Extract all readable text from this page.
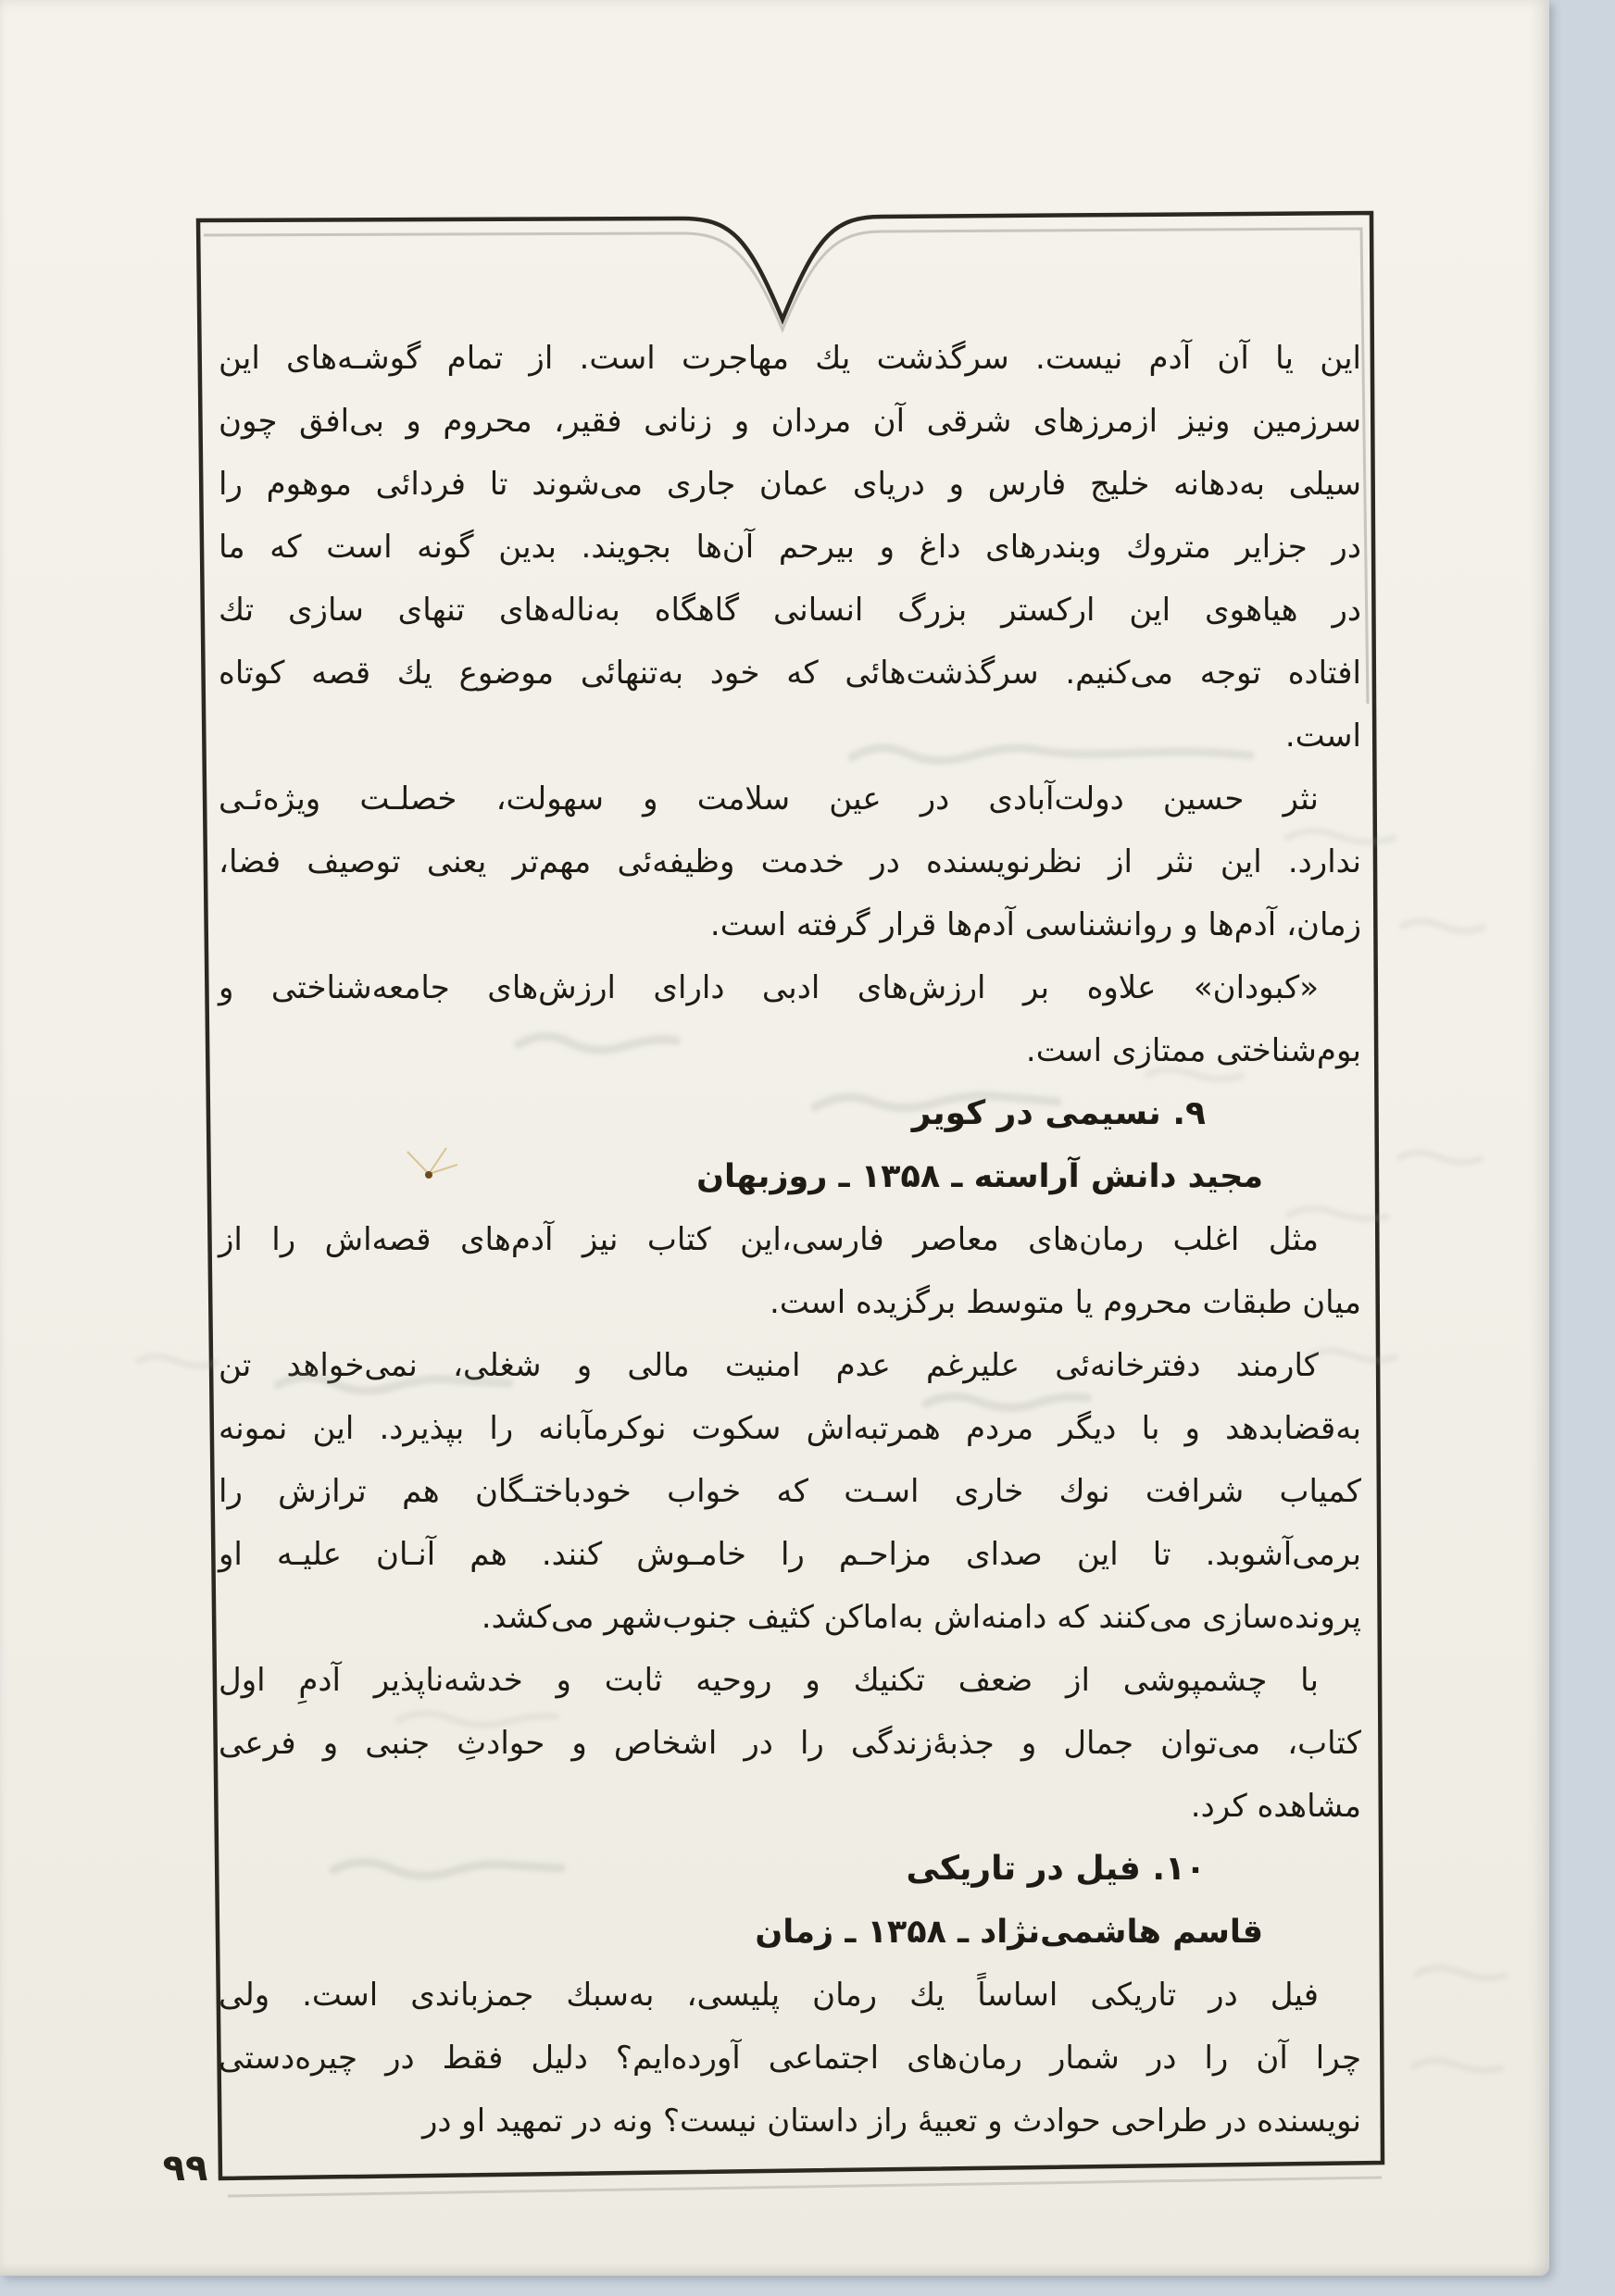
این یا آن آدم نیست. سرگذشت یك مهاجرت است. از تمام گوشـه‌های این
سرزمین ونیز ازمرزهای شرقی آن مردان و زنانی فقیر، محروم و بی‌افق چون
سیلی به‌دهانه خلیج فارس و دریای عمان جاری می‌شوند تا فردائی موهوم را
در جزایر متروك وبندرهای داغ و بیرحم آن‌ها بجویند. بدین گونه است كه ما
در هیاهوی این اركستر بزرگ انسانی گاهگاه به‌ناله‌های تنهای سازی تك
افتاده توجه می‌كنیم. سرگذشت‌هائی كه خود به‌تنهائی موضوع یك قصه كوتاه
است.
نثر حسین دولت‌آبادی در عین سلامت و سهولت، خصلـت ویژه‌ئـی
ندارد. این نثر از نظرنویسنده در خدمت وظیفه‌ئی مهم‌تر یعنی توصیف فضا،
زمان، آدم‌ها و روانشناسی آدم‌ها قرار گرفته است.
«كبودان» علاوه بر ارزش‌های ادبی دارای ارزش‌های جامعه‌شناختی و
بوم‌شناختی ممتازی است.
۹. نسیمی در كویر
مجید دانش آراسته ـ ۱۳۵۸ ـ روزبهان
مثل اغلب رمان‌های معاصر فارسی،این كتاب نیز آدم‌های قصه‌اش را از
میان طبقات محروم یا متوسط برگزیده است.
كارمند دفترخانه‌ئی علیرغم عدم امنیت مالی و شغلی، نمی‌خواهد تن
به‌قضابدهد و با دیگر مردم همرتبه‌اش سكوت نوكرمآبانه را بپذیرد. این نمونه
كمیاب شرافت نوك خاری اسـت كه خواب خودباختـگان هم ترازش را
برمی‌آشوبد. تا این صدای مزاحـم را خامـوش كنند. هم آنـان علیـه او
پرونده‌سازی می‌كنند كه دامنه‌اش به‌اماكن كثیف جنوب‌شهر می‌كشد.
با چشمپوشی از ضعف تكنیك و روحیه ثابت و خدشه‌ناپذیر آدمِ اول
كتاب، می‌توان جمال و جذبهٔ‌زندگی را در اشخاص و حوادثِ جنبی و فرعی
مشاهده كرد.
۱۰. فیل در تاریكی
قاسم هاشمی‌نژاد ـ ۱۳۵۸ ـ زمان
فیل در تاریكی اساساً یك رمان پلیسی، به‌سبك جمزباندی است. ولی
چرا آن را در شمار رمان‌های اجتماعی آورده‌ایم؟ دلیل فقط در چیره‌دستی
نویسنده در طراحی حوادث و تعبیهٔ راز داستان نیست؟ ونه در تمهید او در
۹۹
